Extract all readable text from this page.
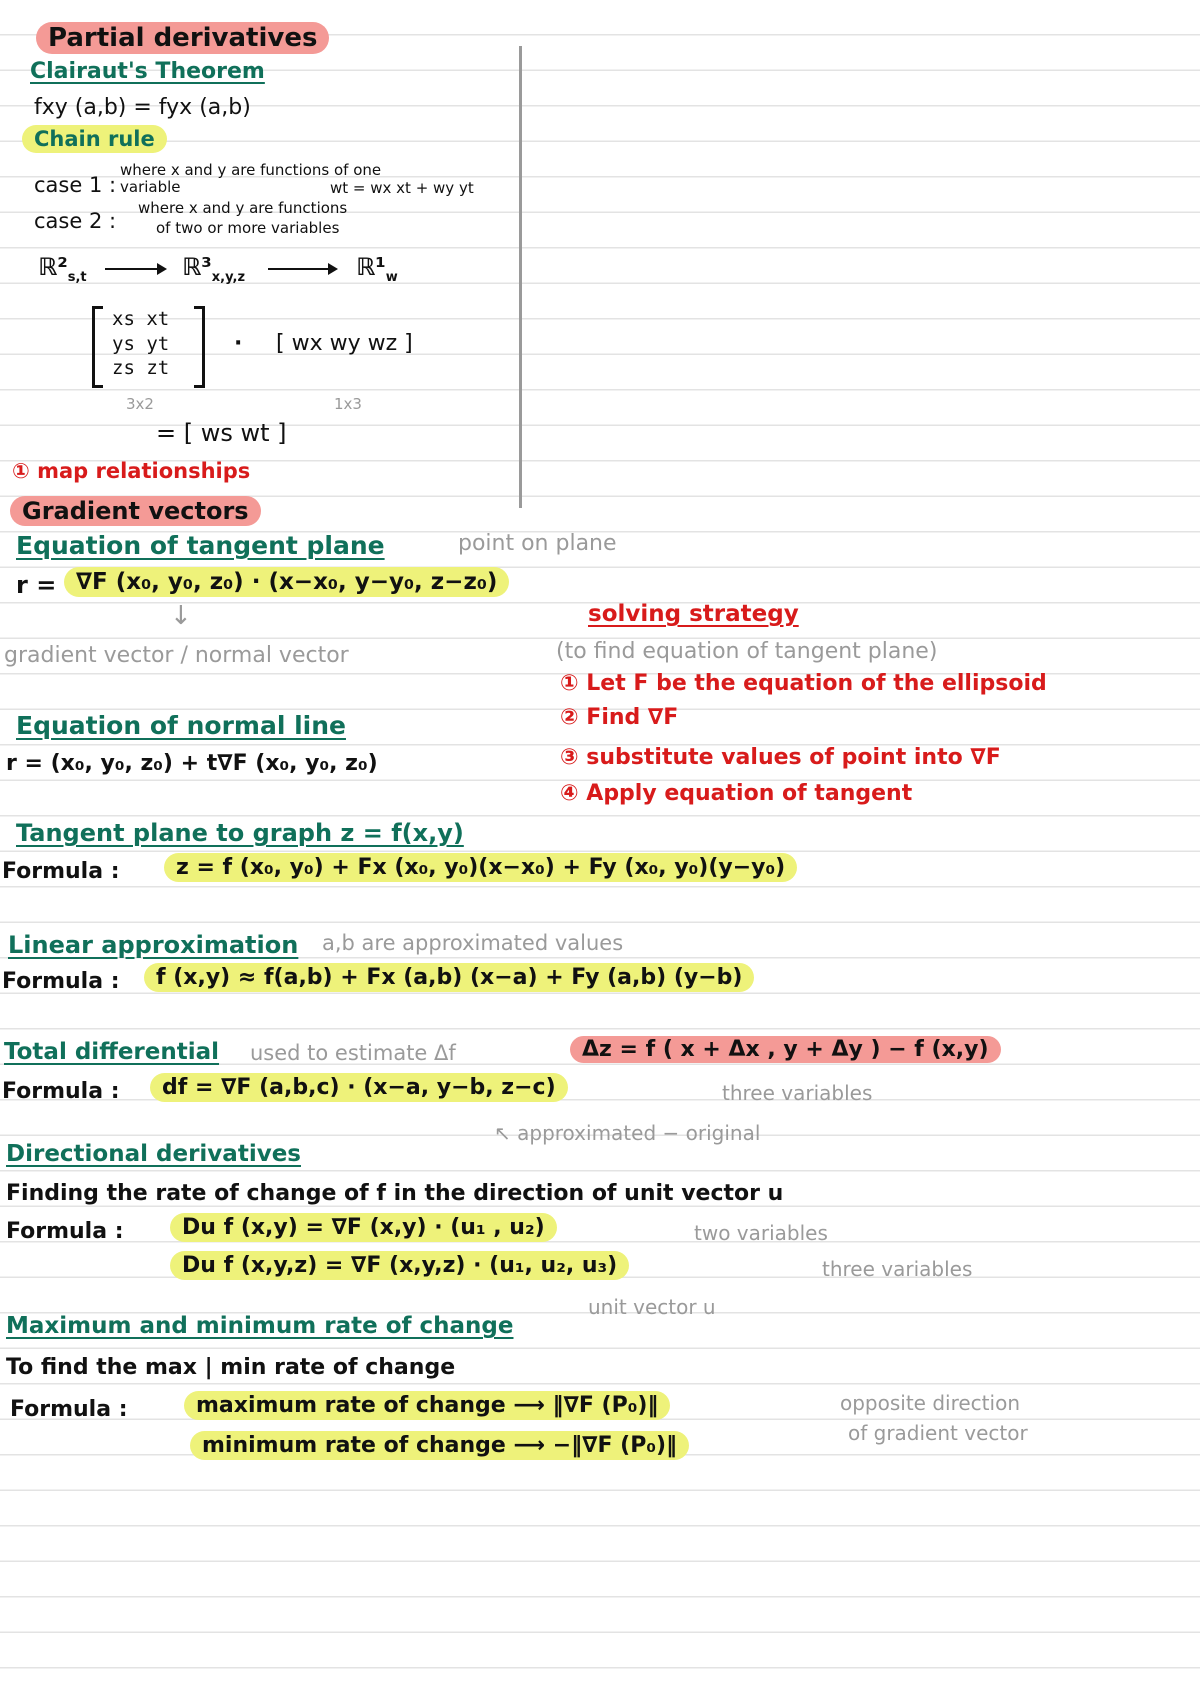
Partial derivatives
Clairaut's Theorem
fxy (a,b) = fyx (a,b)
Chain rule
case 1 :
where x and y are functions of one variable	wt = wx xt + wy yt
case 2 :
where x and y are functions
of two or more variables
$ℝ^2_{s,t}$	$ℝ^3_{x,y,z}$	$ℝ^1_w$
xs xt
ys yt
zs zt
· [ wx wy wz ]
3x2	1x3
= [ ws wt ]
① map relationships
Gradient vectors
Equation of tangent plane	point on plane
r = ∇F (x₀, y₀, z₀) · (x−x₀, y−y₀, z−z₀)
↓
gradient vector / normal vector
Equation of normal line
r = (x₀, y₀, z₀) + t∇F (x₀, y₀, z₀)
solving strategy
(to find equation of tangent plane)
① Let F be the equation of the ellipsoid
② Find ∇F
③ substitute values of point into ∇F
④ Apply equation of tangent
Tangent plane to graph z = f(x,y)
Formula :	z = f (x₀, y₀) + Fx (x₀, y₀)(x−x₀) + Fy (x₀, y₀)(y−y₀)
Linear approximation a,b are approximated values
Formula :	f (x,y) ≈ f(a,b) + Fx (a,b) (x−a) + Fy (a,b) (y−b)
Total differential used to estimate Δf	Δz = f ( x + Δx , y + Δy ) − f (x,y)
Formula :	df = ∇F (a,b,c) · (x−a, y−b, z−c)	three variables
↖ approximated − original
Directional derivatives
Finding the rate of change of f in the direction of unit vector u
Formula :	Du f (x,y) = ∇F (x,y) · (u₁ , u₂)	two variables
Du f (x,y,z) = ∇F (x,y,z) · (u₁, u₂, u₃)	three variables
unit vector u
Maximum and minimum rate of change
To find the max | min rate of change
Formula :	maximum rate of change ⟶ ‖∇F (P₀)‖
minimum rate of change ⟶ −‖∇F (P₀)‖
opposite direction
of gradient vector
